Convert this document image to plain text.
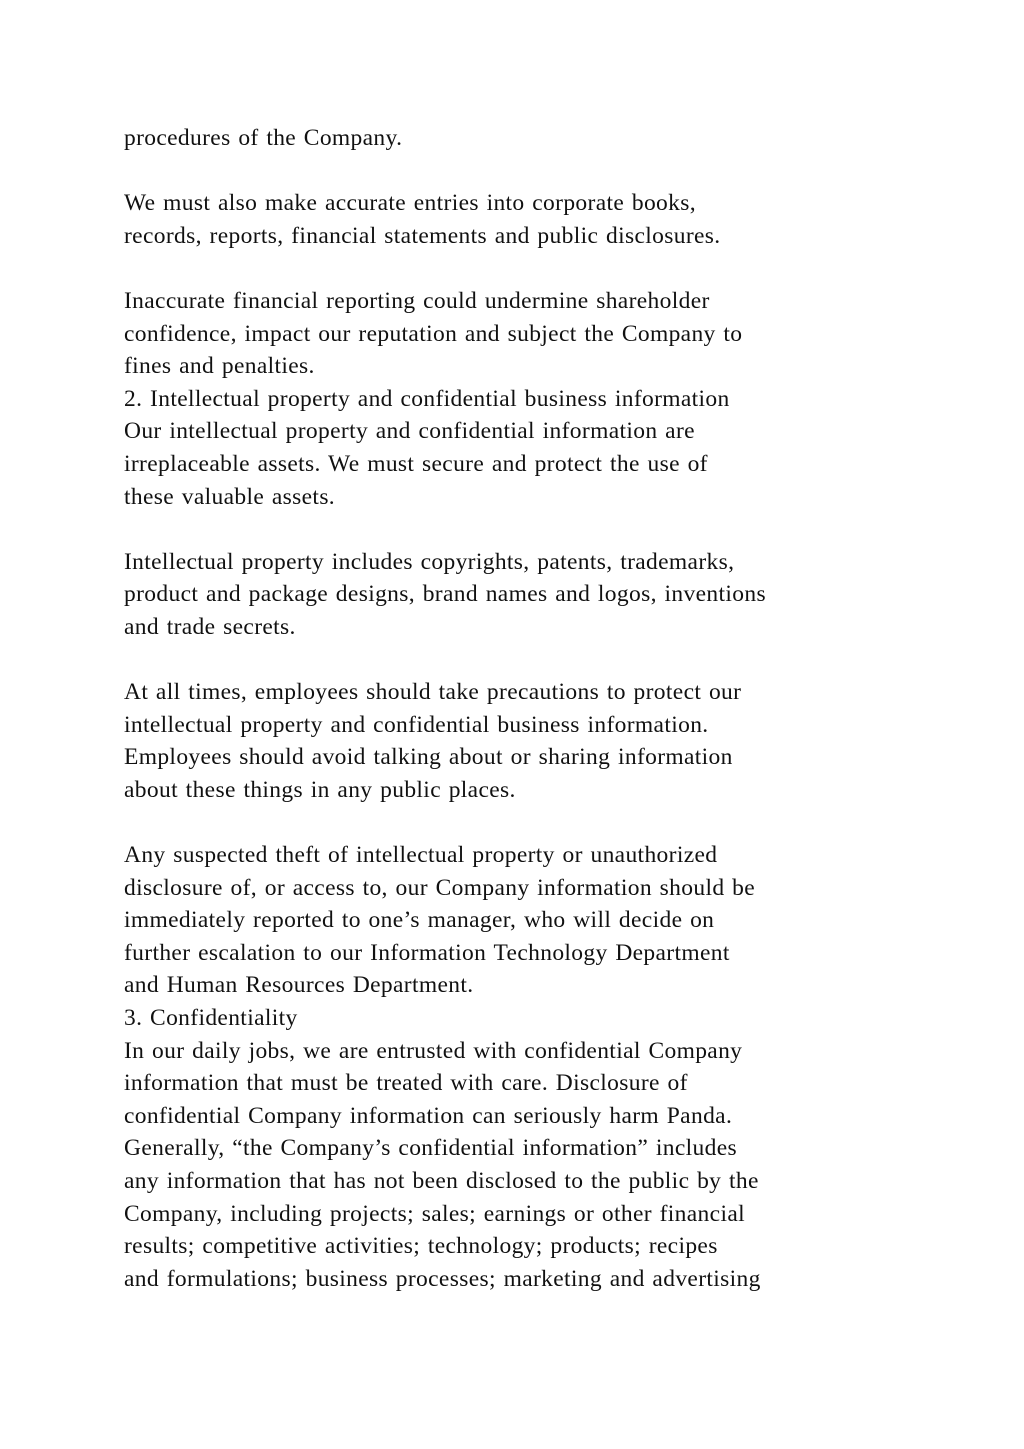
procedures of the Company.

We must also make accurate entries into corporate books,

records, reports, financial statements and public disclosures.

Inaccurate financial reporting could undermine shareholder

confidence, impact our reputation and subject the Company to

fines and penalties.

2. Intellectual property and confidential business information

Our intellectual property and confidential information are

irreplaceable assets. We must secure and protect the use of

these valuable assets.

Intellectual property includes copyrights, patents, trademarks,

product and package designs, brand names and logos, inventions

and trade secrets.

At all times, employees should take precautions to protect our

intellectual property and confidential business information.

Employees should avoid talking about or sharing information

about these things in any public places.

Any suspected theft of intellectual property or unauthorized

disclosure of, or access to, our Company information should be

immediately reported to one’s manager, who will decide on

further escalation to our Information Technology Department

and Human Resources Department.

3. Confidentiality

In our daily jobs, we are entrusted with confidential Company

information that must be treated with care. Disclosure of

confidential Company information can seriously harm Panda.

Generally, “the Company’s confidential information” includes

any information that has not been disclosed to the public by the

Company, including projects; sales; earnings or other financial

results; competitive activities; technology; products; recipes

and formulations; business processes; marketing and advertising
